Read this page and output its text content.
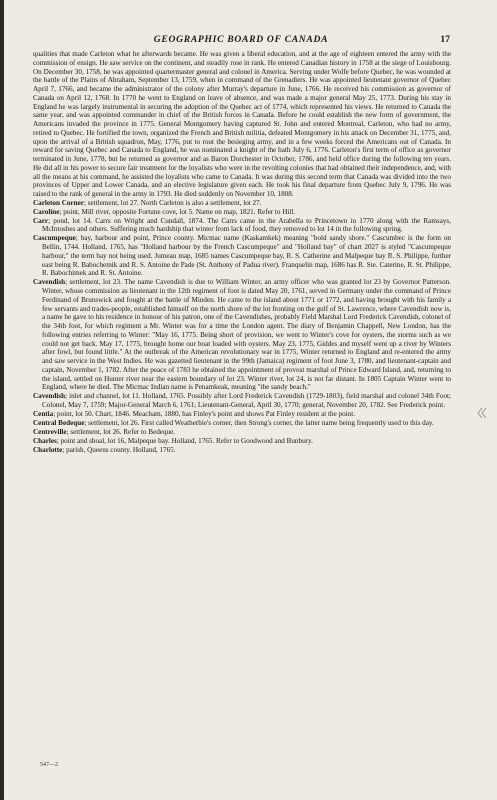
GEOGRAPHIC BOARD OF CANADA	17

qualities that made Carleton what he afterwards became. He was given a liberal education, and at the age of eighteen entered the army with the commission of ensign. He saw service on the continent, and steadily rose in rank. He entered Canadian history in 1758 at the siege of Louisbourg. On December 30, 1758, he was appointed quartermaster general and colonel in America. Serving under Wolfe before Quebec, he was wounded at the battle of the Plains of Abraham, September 13, 1759, when in command of the Grenadiers. He was appointed lieutenant governor of Quebec April 7, 1766, and became the administrator of the colony after Murray's departure in June, 1766. He received his commission as governor of Canada on April 12, 1768. In 1770 he went to England on leave of absence, and was made a major general May 25, 1773. During his stay in England he was largely instrumental in securing the adoption of the Quebec act of 1774, which represented his views. He returned to Canada the same year, and was appointed commander in chief of the British forces in Canada. Before he could establish the new form of government, the Americans invaded the province in 1775. General Montgomery having captured St. John and entered Montreal, Carleton, who had no army, retired to Quebec. He fortified the town, organized the French and British militia, defeated Montgomery in his attack on December 31, 1775, and, upon the arrival of a British squadron, May, 1776, put to rout the besieging army, and in a few weeks forced the Americans out of Canada. In reward for saving Quebec and Canada to England, he was nominated a knight of the bath July 6, 1776. Carleton's first term of office as governor terminated in June, 1778, but he returned as governor and as Baron Dorchester in October, 1786, and held office during the following ten years. He did all in his power to secure fair treatment for the loyalists who were in the revolting colonies that had obtained their independence, and, with all the means at his command, he assisted the loyalists who came to Canada. It was during this second term that Canada was divided into the two provinces of Upper and Lower Canada, and an elective legislature given each. He took his final departure from Quebec July 9, 1796. He was raised to the rank of general in the army in 1793. He died suddenly on November 10, 1808.

Carleton Corner; settlement, lot 27. North Carleton is also a settlement, lot 27.

Caroline; point, Mill river, opposite Fortune cove, lot 5. Name on map, 1821. Refer to Hill.

Carr; pond, lot 14. Carrs on Wright and Cundall, 1874. The Carrs came in the Arabella to Princetown in 1770 along with the Ramsays, McIntoshes and others. Suffering much hardship that winter from lack of food, they removed to lot 14 in the following spring.

Cascumpeque; bay, harbour and point, Prince county. Micmac name (Kaskamkek) meaning "bold sandy shore." Cascumbec is the form on Bellin, 1744. Holland, 1765, has "Holland harbour by the French Cascumpeque" and "Holland bay" of chart 2027 is styled "Cascumpeque harbour," the term bay not being used. Jumeau map, 1685 names Cascumpeque bay, R. S. Catherine and Malpeque bay R. S. Philippe, further east being R. Babochemik and R. S. Antoine de Pade (St. Anthony of Padua river). Franquelin map, 1686 has R. Ste. Caterine, R. St. Philippe, R. Babochimek and R. St. Antoine.

Cavendish; settlement, lot 23. The name Cavendish is due to William Winter, an army officer who was granted lot 23 by Governor Patterson. Winter, whose commission as lieutenant in the 12th regiment of foot is dated May 20, 1761, served in Germany under the command of Prince Ferdinand of Brunswick and fought at the battle of Minden. He came to the island about 1771 or 1772, and having brought with his family a few servants and trades-people, established himself on the north shore of the lot fronting on the gulf of St. Lawrence, where Cavendish now is, a name he gave to his residence in honour of his patron, one of the Cavendishes, probably Field Marshal Lord Frederick Cavendish, colonel of the 34th foot, for which regiment a Mr. Winter was for a time the London agent. The diary of Benjamin Chappell, New London, has the following entries referring to Winter: "May 16, 1775. Being short of provision, we went to Winter's cove for oysters, the storms such as we could not get back. May 17, 1775, brought home our boat loaded with oysters. May 23, 1775, Giddes and myself went up a river by Winters after fowl, but found little." At the outbreak of the American revolutionary war in 1775, Winter returned to England and re-entered the army and saw service in the West Indies. He was gazetted lieutenant in the 99th (Jamaica) regiment of foot June 3, 1780, and lieutenant-captain and captain, November 1, 1782. After the peace of 1783 he obtained the appointment of provost marshal of Prince Edward Island, and, returning to the island, settled on Hunter river near the eastern boundary of lot 23. Winter river, lot 24, is not far distant. In 1805 Captain Winter went to England, where he died. The Micmac Indian name is Penamkeak, meaning "the sandy beach."

Cavendish; inlet and channel, lot 11. Holland, 1765. Possibly after Lord Frederick Cavendish (1729-1803), field marshal and colonel 34th Foot; Colonel, May 7, 1759; Major-General March 6, 1761; Lieutenant-General, April 30, 1770; general, November 20, 1782. See Frederick point.

Centia; point, lot 50. Chart, 1846. Meacham, 1880, has Finley's point and shows Pat Finley resident at the point.

Central Bedeque; settlement, lot 26. First called Weatherbie's corner, then Strong's corner, the latter name being frequently used to this day.

Centreville; settlement, lot 26. Refer to Bedeque.

Charles; point and shoal, lot 16, Malpeque bay. Holland, 1765. Refer to Goodwood and Bunbury.

Charlotte; parish, Queens county. Holland, 1765.

547—2
